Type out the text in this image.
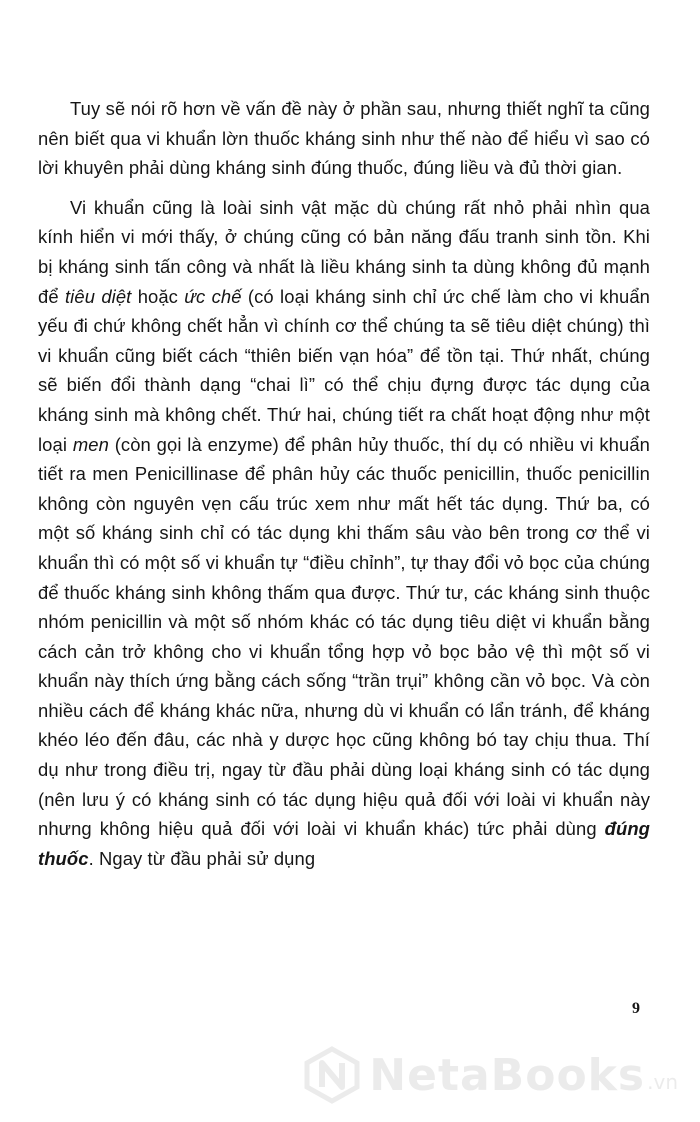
Tuy sẽ nói rõ hơn về vấn đề này ở phần sau, nhưng thiết nghĩ ta cũng nên biết qua vi khuẩn lờn thuốc kháng sinh như thế nào để hiểu vì sao có lời khuyên phải dùng kháng sinh đúng thuốc, đúng liều và đủ thời gian.

Vi khuẩn cũng là loài sinh vật mặc dù chúng rất nhỏ phải nhìn qua kính hiển vi mới thấy, ở chúng cũng có bản năng đấu tranh sinh tồn. Khi bị kháng sinh tấn công và nhất là liều kháng sinh ta dùng không đủ mạnh để tiêu diệt hoặc ức chế (có loại kháng sinh chỉ ức chế làm cho vi khuẩn yếu đi chứ không chết hẳn vì chính cơ thể chúng ta sẽ tiêu diệt chúng) thì vi khuẩn cũng biết cách “thiên biến vạn hóa” để tồn tại. Thứ nhất, chúng sẽ biến đổi thành dạng “chai lì” có thể chịu đựng được tác dụng của kháng sinh mà không chết. Thứ hai, chúng tiết ra chất hoạt động như một loại men (còn gọi là enzyme) để phân hủy thuốc, thí dụ có nhiều vi khuẩn tiết ra men Penicillinase để phân hủy các thuốc penicillin, thuốc penicillin không còn nguyên vẹn cấu trúc xem như mất hết tác dụng. Thứ ba, có một số kháng sinh chỉ có tác dụng khi thấm sâu vào bên trong cơ thể vi khuẩn thì có một số vi khuẩn tự “điều chỉnh”, tự thay đổi vỏ bọc của chúng để thuốc kháng sinh không thấm qua được. Thứ tư, các kháng sinh thuộc nhóm penicillin và một số nhóm khác có tác dụng tiêu diệt vi khuẩn bằng cách cản trở không cho vi khuẩn tổng hợp vỏ bọc bảo vệ thì một số vi khuẩn này thích ứng bằng cách sống “trần trụi” không cần vỏ bọc. Và còn nhiều cách để kháng khác nữa, nhưng dù vi khuẩn có lẩn tránh, để kháng khéo léo đến đâu, các nhà y dược học cũng không bó tay chịu thua. Thí dụ như trong điều trị, ngay từ đầu phải dùng loại kháng sinh có tác dụng (nên lưu ý có kháng sinh có tác dụng hiệu quả đối với loài vi khuẩn này nhưng không hiệu quả đối với loài vi khuẩn khác) tức phải dùng đúng thuốc. Ngay từ đầu phải sử dụng

9
NetaBooks .vn
